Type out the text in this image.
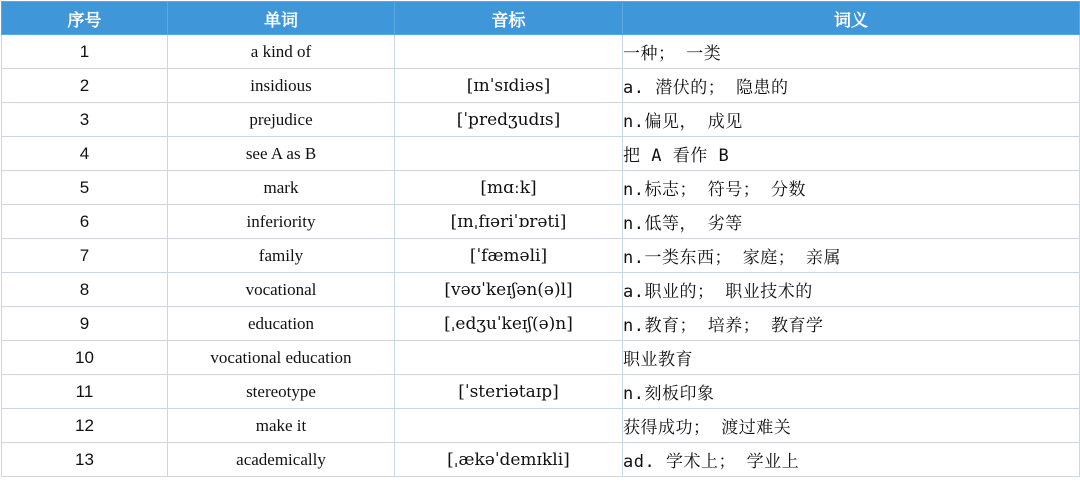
序号	单词	音标	词义
1	a kind of		一种； 一类
2	insidious	[ɪnˈsɪdiəs]	a. 潜伏的； 隐患的
3	prejudice	[ˈpredʒudɪs]	n.偏见， 成见
4	see A as B		把 A 看作 B
5	mark	[mɑːk]	n.标志； 符号； 分数
6	inferiority	[ɪnˌfɪəriˈɒrəti]	n.低等， 劣等
7	family	[ˈfæməli]	n.一类东西； 家庭； 亲属
8	vocational	[vəʊˈkeɪʃən(ə)l]	a.职业的； 职业技术的
9	education	[ˌedʒuˈkeɪʃ(ə)n]	n.教育； 培养； 教育学
10	vocational education		职业教育
11	stereotype	[ˈsteriətaɪp]	n.刻板印象
12	make it		获得成功； 渡过难关
13	academically	[ˌækəˈdemɪkli]	ad. 学术上； 学业上
